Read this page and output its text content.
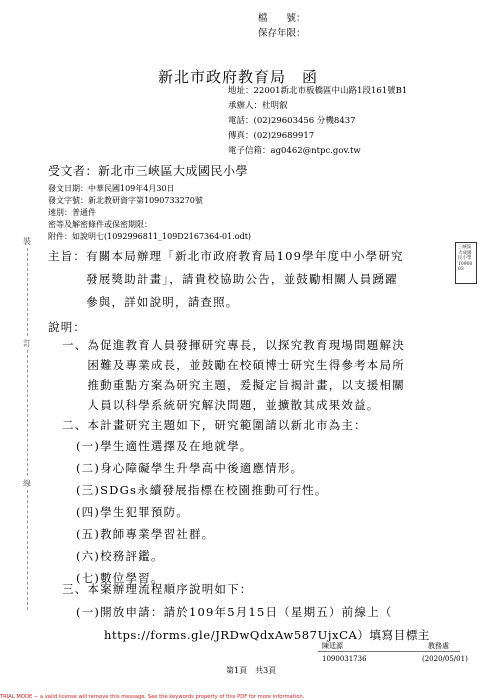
檔　　號：
保存年限：
新北市政府教育局　函
地址：22001新北市板橋區中山路1段161號B1
承辦人：杜明叡
電話：(02)29603456 分機8437
傳真：(02)29689917
電子信箱：ag0462@ntpc.gov.tw
受文者：新北市三峽區大成國民小學
發文日期：中華民國109年4月30日
發文字號：新北教研資字第1090733270號
速別：普通件
密等及解密條件或保密期限：
附件：如說明七(1092996811_109D2167364-01.odt)
裝
訂
線
三峽區大成國民小學1090003
主旨：有關本局辦理「新北市政府教育局109學年度中小學研究
　　　發展獎助計畫」，請貴校協助公告，並鼓勵相關人員踴躍
　　　參與，詳如說明，請查照。
說明：
一、為促進教育人員發揮研究專長，以探究教育現場問題解決
　　困難及專業成長，並鼓勵在校碩博士研究生得參考本局所
　　推動重點方案為研究主題，爰擬定旨揭計畫，以支援相關
　　人員以科學系統研究解決問題，並擴散其成果效益。
二、本計畫研究主題如下，研究範圍請以新北市為主：
(一)學生適性選擇及在地就學。
(二)身心障礙學生升學高中後適應情形。
(三)SDGs永續發展指標在校園推動可行性。
(四)學生犯罪預防。
(五)教師專業學習社群。
(六)校務評鑑。
(七)數位學習。
三、本案辦理流程順序說明如下：
(一)開放申請：請於109年5月15日（星期五）前線上（
https://forms.gle/JRDwQdxAw587UjxCA）填寫目標主
陳廷源	教務處
1090031736	(2020/05/01)
第1頁　共3頁
TRIAL MODE − a valid license will remove this message. See the keywords property of this PDF for more information.
